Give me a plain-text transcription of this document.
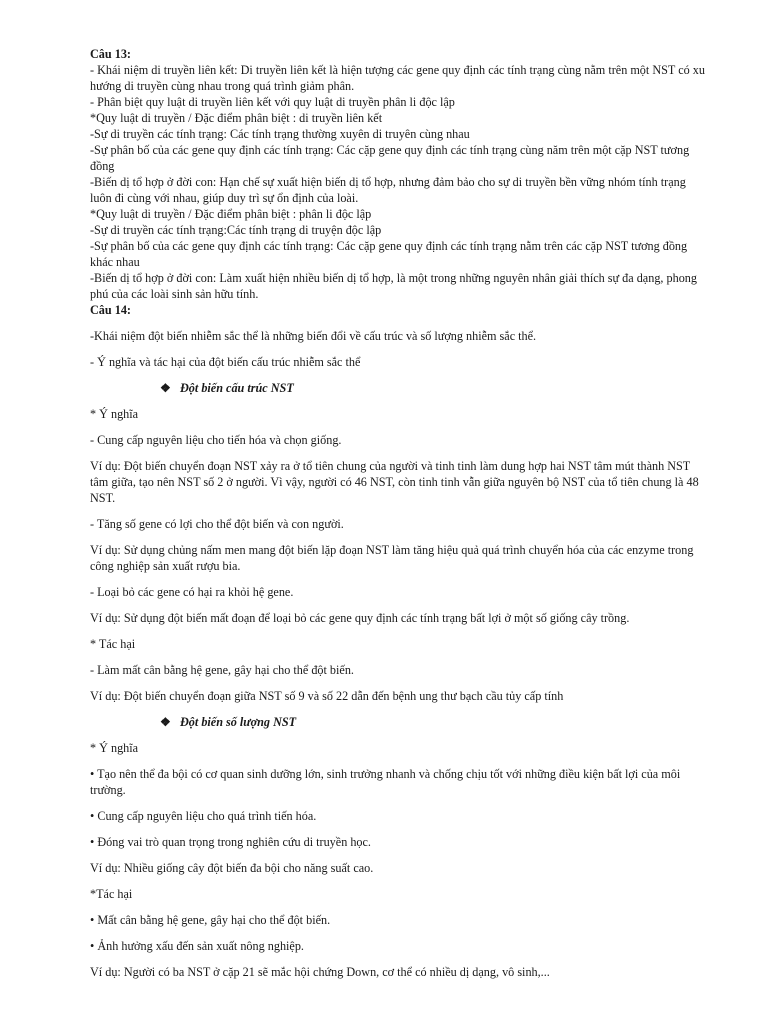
Câu 13:

- Khái niệm di truyền liên kết: Di truyền liên kết là hiện tượng các gene quy định các tính trạng cùng nằm trên một NST có xu hướng di truyền cùng nhau trong quá trình giảm phân.

- Phân biệt quy luật di truyền liên kết với quy luật di truyền phân li độc lập

*Quy luật di truyền / Đặc điểm phân biệt : di truyền liên kết

-Sự di truyền các tính trạng: Các tính trạng thường xuyên di truyên cùng nhau

-Sự phân bố của các gene quy định các tính trạng: Các cặp gene quy định các tính trạng cùng năm trên một cặp NST tương đồng

-Biến dị tổ hợp ở đời con: Hạn chế sự xuất hiện biến dị tổ hợp, nhưng đảm bảo cho sự di truyền bền vững nhóm tính trạng luôn đi cùng với nhau, giúp duy trì sự ổn định của loài.

*Quy luật di truyền / Đặc điểm phân biệt : phân li độc lập

-Sự di truyền các tính trạng:Các tính trạng di truyện độc lập

-Sự phân bố của các gene quy định các tính trạng: Các cặp gene quy định các tính trạng nằm trên các cặp NST tương đồng khác nhau

-Biến dị tổ hợp ở đời con: Làm xuất hiện nhiều biến dị tổ hợp, là một trong những nguyên nhân giải thích sự đa dạng, phong phú của các loài sinh sản hữu tính.

Câu 14:

-Khái niệm đột biến nhiễm sắc thể là những biến đổi về cấu trúc và số lượng nhiễm sắc thể.

- Ý nghĩa và tác hại của đột biến cấu trúc nhiễm sắc thể

❖ Đột biến cấu trúc NST

* Ý nghĩa

- Cung cấp nguyên liệu cho tiến hóa và chọn giống.

Ví dụ: Đột biến chuyển đoạn NST xảy ra ở tổ tiên chung của người và tinh tinh làm dung hợp hai NST tâm mút thành NST tâm giữa, tạo nên NST số 2 ở người. Vì vậy, người có 46 NST, còn tinh tinh vẫn giữa nguyên bộ NST của tổ tiên chung là 48 NST.

- Tăng số gene có lợi cho thể đột biến và con người.

Ví dụ: Sử dụng chủng nấm men mang đột biến lặp đoạn NST làm tăng hiệu quả quá trình chuyển hóa của các enzyme trong công nghiệp sản xuất rượu bia.

- Loại bỏ các gene có hại ra khỏi hệ gene.

Ví dụ: Sử dụng đột biến mất đoạn để loại bỏ các gene quy định các tính trạng bất lợi ở một số giống cây trồng.

* Tác hại

- Làm mất cân bằng hệ gene, gây hại cho thể đột biến.

Ví dụ: Đột biến chuyển đoạn giữa NST số 9 và số 22 dẫn đến bệnh ung thư bạch cầu tủy cấp tính

❖ Đột biến số lượng NST

* Ý nghĩa

• Tạo nên thể đa bội có cơ quan sinh dưỡng lớn, sinh trưởng nhanh và chống chịu tốt với những điều kiện bất lợi của môi trường.

• Cung cấp nguyên liệu cho quá trình tiến hóa.

• Đóng vai trò quan trọng trong nghiên cứu di truyền học.

Ví dụ: Nhiều giống cây đột biến đa bội cho năng suất cao.

*Tác hại

• Mất cân bằng hệ gene, gây hại cho thể đột biến.

• Ảnh hưởng xấu đến sản xuất nông nghiệp.

Ví dụ: Người có ba NST ở cặp 21 sẽ mắc hội chứng Down, cơ thể có nhiều dị dạng, vô sinh,...
